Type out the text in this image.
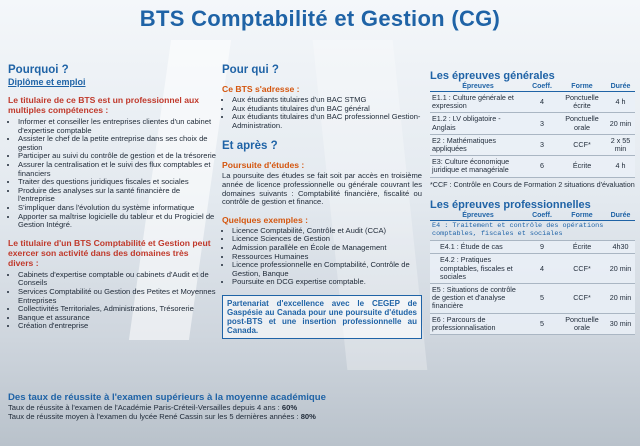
BTS Comptabilité et Gestion (CG)
Pourquoi ?
Diplôme et emploi
Le titulaire de ce BTS est un professionnel aux multiples compétences :
• Informer et conseiller les entreprises clientes d'un cabinet d'expertise comptable
• Assister le chef de la petite entreprise dans ses choix de gestion
• Participer au suivi du contrôle de gestion et de la trésorerie
• Assurer la centralisation et le suivi des flux comptables et financiers
• Traiter des questions juridiques fiscales et sociales
• Produire des analyses sur la santé financière de l'entreprise
• S'impliquer dans l'évolution du système informatique
• Apporter sa maîtrise logicielle du tableur et du Progiciel de Gestion Intégré.
Le titulaire d'un BTS Comptabilité et Gestion peut exercer son activité dans des domaines très divers :
• Cabinets d'expertise comptable ou cabinets d'Audit et de Conseils
• Services Comptabilité ou Gestion des Petites et Moyennes Entreprises
• Collectivités Territoriales, Administrations, Trésorerie
• Banque et assurance
• Création d'entreprise
Pour qui ?
Ce BTS s'adresse :
• Aux étudiants titulaires d'un BAC STMG
• Aux étudiants titulaires d'un BAC général
• Aux étudiants titulaires d'un BAC professionnel Gestion-Administration.
Et après ?
Poursuite d'études :

La poursuite des études se fait soit par accès en troisième année de licence professionnelle ou générale couvrant les domaines suivants : Comptabilité financière, fiscalité ou contrôle de gestion et finance.

Quelques exemples :
• Licence Comptabilité, Contrôle et Audit (CCA)
• Licence Sciences de Gestion
• Admission parallèle en École de Management
• Ressources Humaines
• Licence professionnelle en Comptabilité, Contrôle de Gestion, Banque
• Poursuite en DCG expertise comptable.
Partenariat d'excellence avec le CEGEP de Gaspésie au Canada pour une poursuite d'études post-BTS et une insertion professionnelle au Canada.
Les épreuves générales
Épreuves	Coeff.	Forme	Durée
E1.1 : Culture générale et expression	4	Ponctuelle écrite	4 h
E1.2 : LV obligatoire - Anglais	3	Ponctuelle orale	20 min
E2 : Mathématiques appliquées	3	CCF*	2 x 55 min
E3: Culture économique juridique et managériale	6	Écrite	4 h

*CCF : Contrôle en Cours de Formation 2 situations d'évaluation

Les épreuves professionnelles
Épreuves	Coeff.	Forme	Durée
E4 : Traitement et contrôle des opérations comptables, fiscales et sociales			
E4.1 : Étude de cas	9	Écrite	4h30
E4.2 : Pratiques comptables, fiscales et sociales	4	CCF*	20 min
E5 : Situations de contrôle de gestion et d'analyse financière	5	CCF*	20 min
E6 : Parcours de professionnalisation	5	Ponctuelle orale	30 min
Des taux de réussite à l'examen supérieurs à la moyenne académique
Taux de réussite à l'examen de l'Académie Paris-Créteil-Versailles depuis 4 ans : 60%
Taux de réussite moyen à l'examen du lycée René Cassin sur les 5 dernières années : 80%
